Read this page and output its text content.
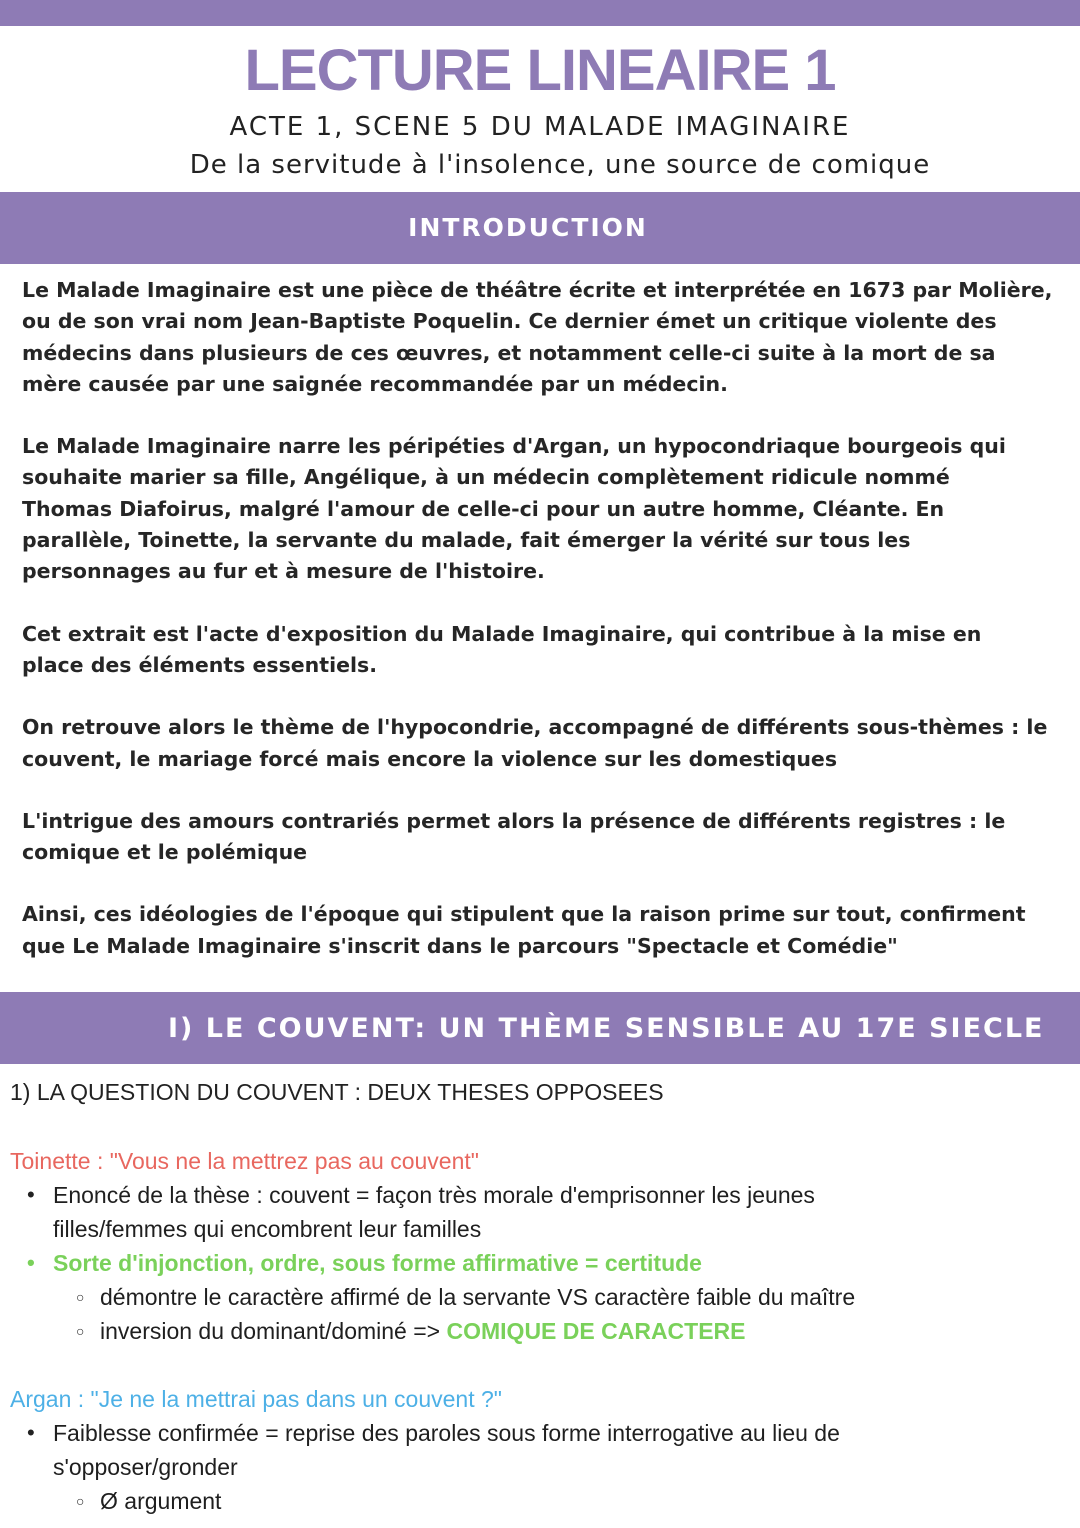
LECTURE LINEAIRE 1
ACTE 1, SCENE 5 DU MALADE IMAGINAIRE
De la servitude à l'insolence, une source de comique
INTRODUCTION

Le Malade Imaginaire est une pièce de théâtre écrite et interprétée en 1673 par Molière,
ou de son vrai nom Jean-Baptiste Poquelin. Ce dernier émet un critique violente des
médecins dans plusieurs de ces œuvres, et notamment celle-ci suite à la mort de sa
mère causée par une saignée recommandée par un médecin.

Le Malade Imaginaire narre les péripéties d'Argan, un hypocondriaque bourgeois qui
souhaite marier sa fille, Angélique, à un médecin complètement ridicule nommé
Thomas Diafoirus, malgré l'amour de celle-ci pour un autre homme, Cléante. En
parallèle, Toinette, la servante du malade, fait émerger la vérité sur tous les
personnages au fur et à mesure de l'histoire.

Cet extrait est l'acte d'exposition du Malade Imaginaire, qui contribue à la mise en
place des éléments essentiels.

On retrouve alors le thème de l'hypocondrie, accompagné de différents sous-thèmes : le
couvent, le mariage forcé mais encore la violence sur les domestiques

L'intrigue des amours contrariés permet alors la présence de différents registres : le
comique et le polémique

Ainsi, ces idéologies de l'époque qui stipulent que la raison prime sur tout, confirment
que Le Malade Imaginaire s'inscrit dans le parcours "Spectacle et Comédie"

I) LE COUVENT: UN THÈME SENSIBLE AU 17E SIECLE
1) LA QUESTION DU COUVENT : DEUX THESES OPPOSEES
Toinette : "Vous ne la mettrez pas au couvent"
• Enoncé de la thèse : couvent = façon très morale d'emprisonner les jeunes
filles/femmes qui encombrent leur familles
• Sorte d'injonction, ordre, sous forme affirmative = certitude
○ démontre le caractère affirmé de la servante VS caractère faible du maître
○ inversion du dominant/dominé => COMIQUE DE CARACTERE
Argan : "Je ne la mettrai pas dans un couvent ?"
• Faiblesse confirmée = reprise des paroles sous forme interrogative au lieu de
s'opposer/gronder
○ Ø argument
